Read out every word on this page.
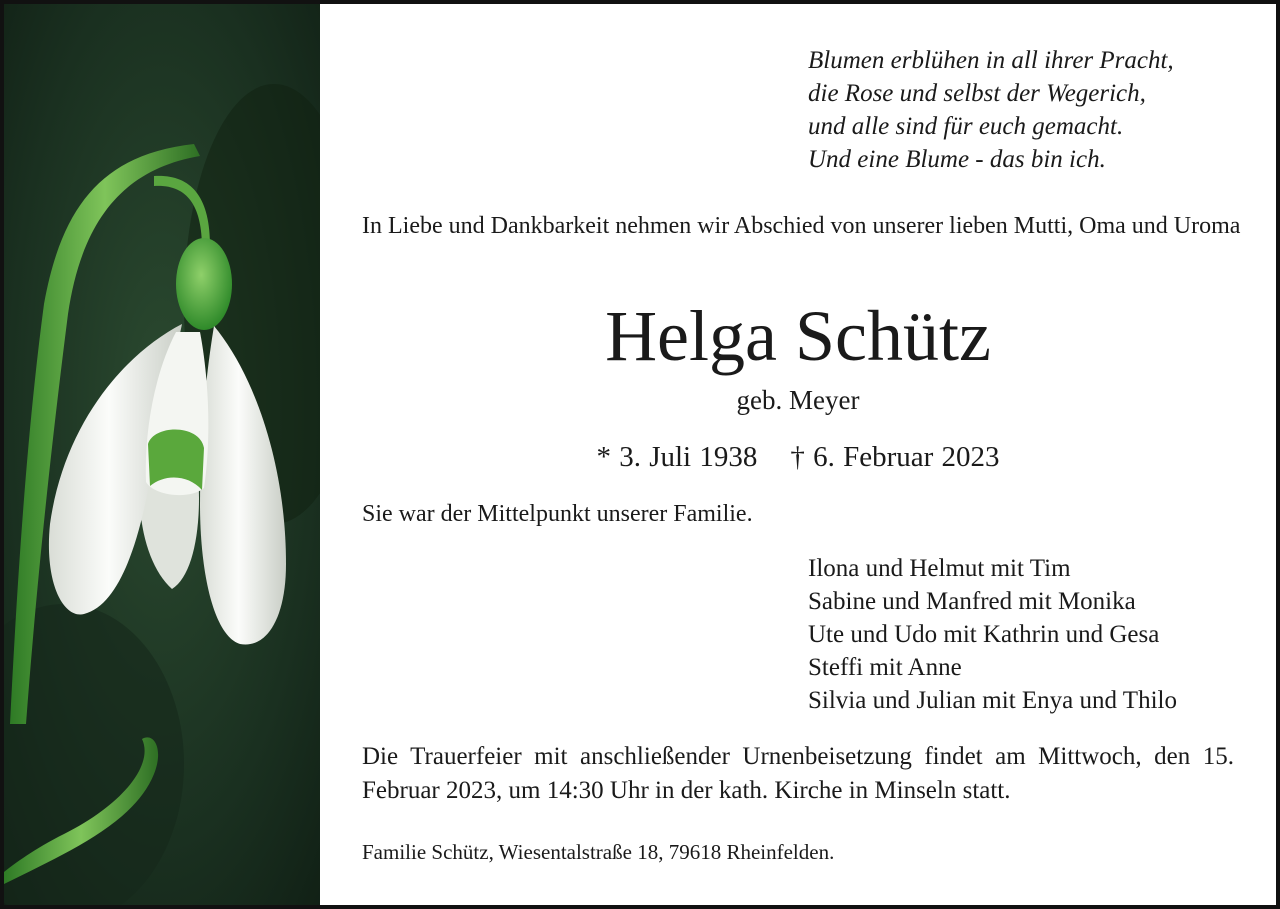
Blumen erblühen in all ihrer Pracht,
die Rose und selbst der Wegerich,
und alle sind für euch gemacht.
Und eine Blume - das bin ich.
In Liebe und Dankbarkeit nehmen wir Abschied von unserer lieben Mutti, Oma und Uroma
Helga Schütz
geb. Meyer
* 3. Juli 1938 † 6. Februar 2023
Sie war der Mittelpunkt unserer Familie.
Ilona und Helmut mit Tim
Sabine und Manfred mit Monika
Ute und Udo mit Kathrin und Gesa
Steffi mit Anne
Silvia und Julian mit Enya und Thilo
Die Trauerfeier mit anschließender Urnenbeisetzung findet am Mittwoch, den 15. Februar 2023, um 14:30 Uhr in der kath. Kirche in Minseln statt.
Familie Schütz, Wiesentalstraße 18, 79618 Rheinfelden.
